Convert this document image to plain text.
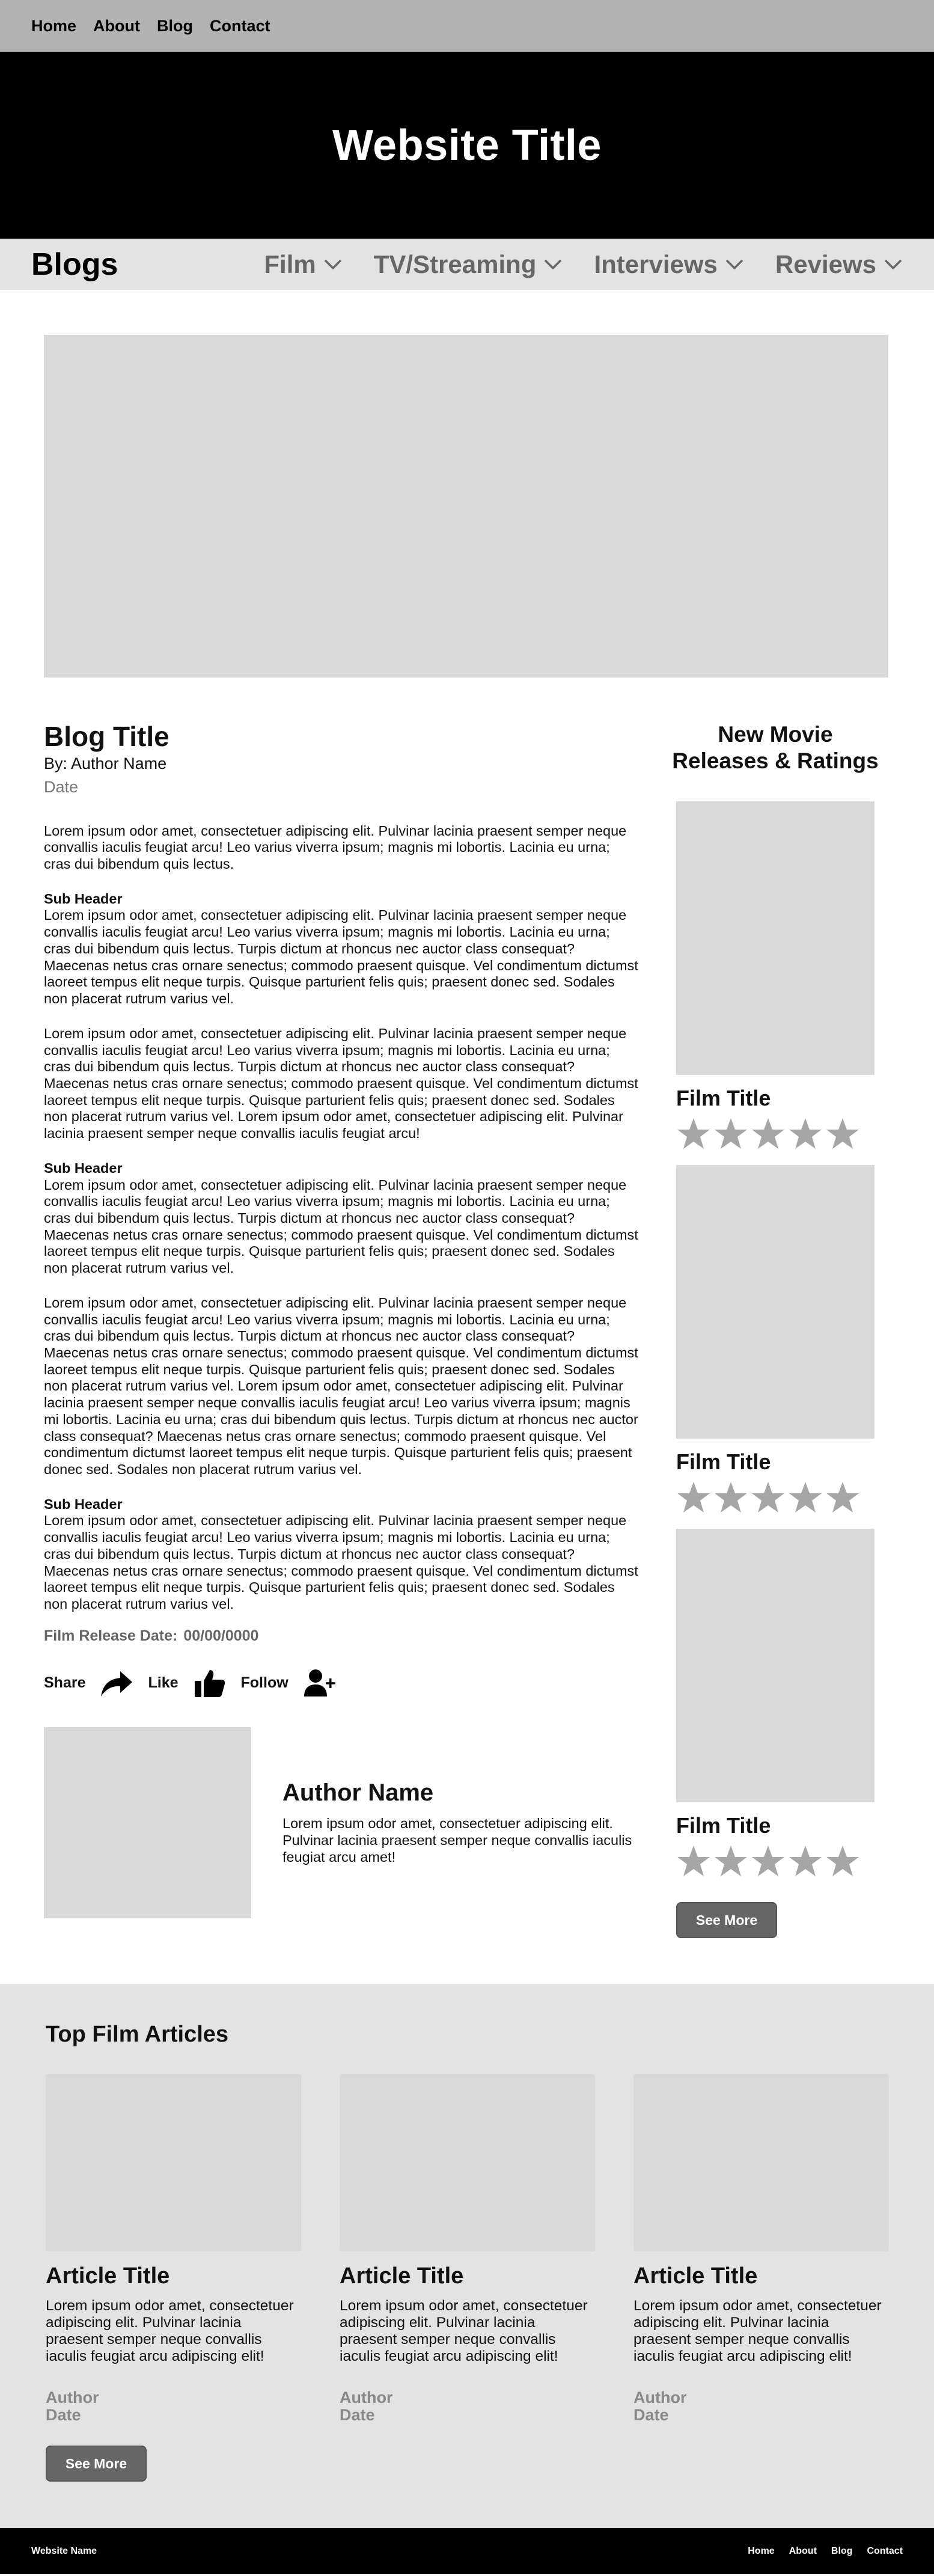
Home About Blog Contact
Website Title
Blogs	Film TV/Streaming Interviews Reviews
Blog Title
By: Author Name
Date

Lorem ipsum odor amet, consectetuer adipiscing elit. Pulvinar lacinia praesent semper neque convallis iaculis feugiat arcu! Leo varius viverra ipsum; magnis mi lobortis. Lacinia eu urna; cras dui bibendum quis lectus.

Sub Header
Lorem ipsum odor amet, consectetuer adipiscing elit. Pulvinar lacinia praesent semper neque convallis iaculis feugiat arcu! Leo varius viverra ipsum; magnis mi lobortis. Lacinia eu urna; cras dui bibendum quis lectus. Turpis dictum at rhoncus nec auctor class consequat? Maecenas netus cras ornare senectus; commodo praesent quisque. Vel condimentum dictumst laoreet tempus elit neque turpis. Quisque parturient felis quis; praesent donec sed. Sodales non placerat rutrum varius vel.

Lorem ipsum odor amet, consectetuer adipiscing elit. Pulvinar lacinia praesent semper neque convallis iaculis feugiat arcu! Leo varius viverra ipsum; magnis mi lobortis. Lacinia eu urna; cras dui bibendum quis lectus. Turpis dictum at rhoncus nec auctor class consequat? Maecenas netus cras ornare senectus; commodo praesent quisque. Vel condimentum dictumst laoreet tempus elit neque turpis. Quisque parturient felis quis; praesent donec sed. Sodales non placerat rutrum varius vel. Lorem ipsum odor amet, consectetuer adipiscing elit. Pulvinar lacinia praesent semper neque convallis iaculis feugiat arcu!

Sub Header
Lorem ipsum odor amet, consectetuer adipiscing elit. Pulvinar lacinia praesent semper neque convallis iaculis feugiat arcu! Leo varius viverra ipsum; magnis mi lobortis. Lacinia eu urna; cras dui bibendum quis lectus. Turpis dictum at rhoncus nec auctor class consequat? Maecenas netus cras ornare senectus; commodo praesent quisque. Vel condimentum dictumst laoreet tempus elit neque turpis. Quisque parturient felis quis; praesent donec sed. Sodales non placerat rutrum varius vel.

Lorem ipsum odor amet, consectetuer adipiscing elit. Pulvinar lacinia praesent semper neque convallis iaculis feugiat arcu! Leo varius viverra ipsum; magnis mi lobortis. Lacinia eu urna; cras dui bibendum quis lectus. Turpis dictum at rhoncus nec auctor class consequat? Maecenas netus cras ornare senectus; commodo praesent quisque. Vel condimentum dictumst laoreet tempus elit neque turpis. Quisque parturient felis quis; praesent donec sed. Sodales non placerat rutrum varius vel. Lorem ipsum odor amet, consectetuer adipiscing elit. Pulvinar lacinia praesent semper neque convallis iaculis feugiat arcu! Leo varius viverra ipsum; magnis mi lobortis. Lacinia eu urna; cras dui bibendum quis lectus. Turpis dictum at rhoncus nec auctor class consequat? Maecenas netus cras ornare senectus; commodo praesent quisque. Vel condimentum dictumst laoreet tempus elit neque turpis. Quisque parturient felis quis; praesent donec sed. Sodales non placerat rutrum varius vel.

Sub Header
Lorem ipsum odor amet, consectetuer adipiscing elit. Pulvinar lacinia praesent semper neque convallis iaculis feugiat arcu! Leo varius viverra ipsum; magnis mi lobortis. Lacinia eu urna; cras dui bibendum quis lectus. Turpis dictum at rhoncus nec auctor class consequat? Maecenas netus cras ornare senectus; commodo praesent quisque. Vel condimentum dictumst laoreet tempus elit neque turpis. Quisque parturient felis quis; praesent donec sed. Sodales non placerat rutrum varius vel.

Film Release Date: 00/00/0000
Share	Like	Follow
Author Name

Lorem ipsum odor amet, consectetuer adipiscing elit. Pulvinar lacinia praesent semper neque convallis iaculis feugiat arcu amet!

New Movie Releases & Ratings
Film Title
Film Title
Film Title
See More
Top Film Articles
Article Title

Lorem ipsum odor amet, consectetuer adipiscing elit. Pulvinar lacinia praesent semper neque convallis iaculis feugiat arcu adipiscing elit!

Author
Date
Article Title

Lorem ipsum odor amet, consectetuer adipiscing elit. Pulvinar lacinia praesent semper neque convallis iaculis feugiat arcu adipiscing elit!

Author
Date
Article Title

Lorem ipsum odor amet, consectetuer adipiscing elit. Pulvinar lacinia praesent semper neque convallis iaculis feugiat arcu adipiscing elit!

Author
Date
See More
Website Name	Home About Blog Contact
